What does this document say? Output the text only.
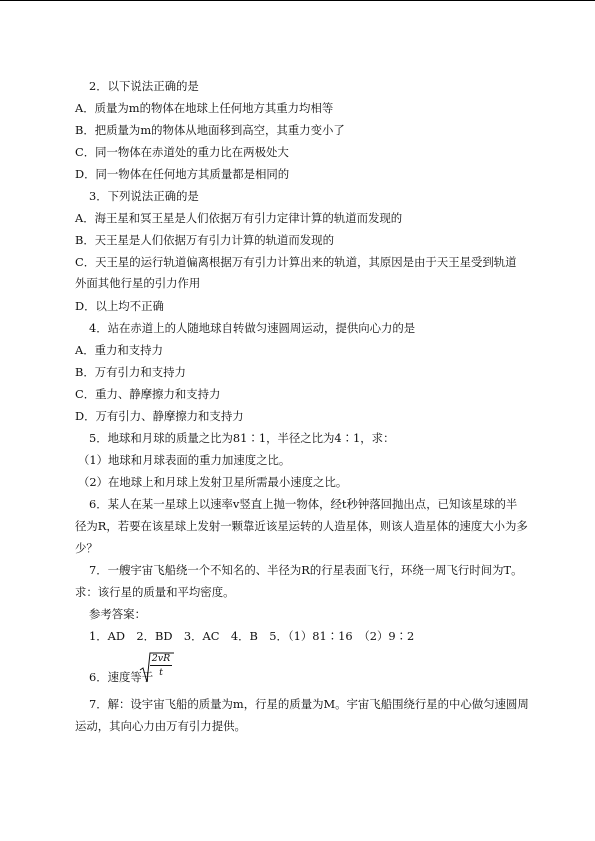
2．以下说法正确的是
A．质量为m的物体在地球上任何地方其重力均相等
B．把质量为m的物体从地面移到高空，其重力变小了
C．同一物体在赤道处的重力比在两极处大
D．同一物体在任何地方其质量都是相同的
3．下列说法正确的是
A．海王星和冥王星是人们依据万有引力定律计算的轨道而发现的
B．天王星是人们依据万有引力计算的轨道而发现的
C．天王星的运行轨道偏离根据万有引力计算出来的轨道，其原因是由于天王星受到轨道
外面其他行星的引力作用
D．以上均不正确
4．站在赤道上的人随地球自转做匀速圆周运动，提供向心力的是
A．重力和支持力
B．万有引力和支持力
C．重力、静摩擦力和支持力
D．万有引力、静摩擦力和支持力
5．地球和月球的质量之比为81∶1，半径之比为4∶1，求：
（1）地球和月球表面的重力加速度之比。
（2）在地球上和月球上发射卫星所需最小速度之比。
6．某人在某一星球上以速率v竖直上抛一物体，经t秒钟落回抛出点，已知该星球的半
径为R，若要在该星球上发射一颗靠近该星运转的人造星体，则该人造星体的速度大小为多
少？
7．一艘宇宙飞船绕一个不知名的、半径为R的行星表面飞行，环绕一周飞行时间为T。
求：该行星的质量和平均密度。
参考答案：
1．AD　2．BD　3．AC　4．B　5．（1）81∶16　（2）9∶2
6．速度等于
2vR
t
7．解：设宇宙飞船的质量为m，行星的质量为M。宇宙飞船围绕行星的中心做匀速圆周
运动，其向心力由万有引力提供。
